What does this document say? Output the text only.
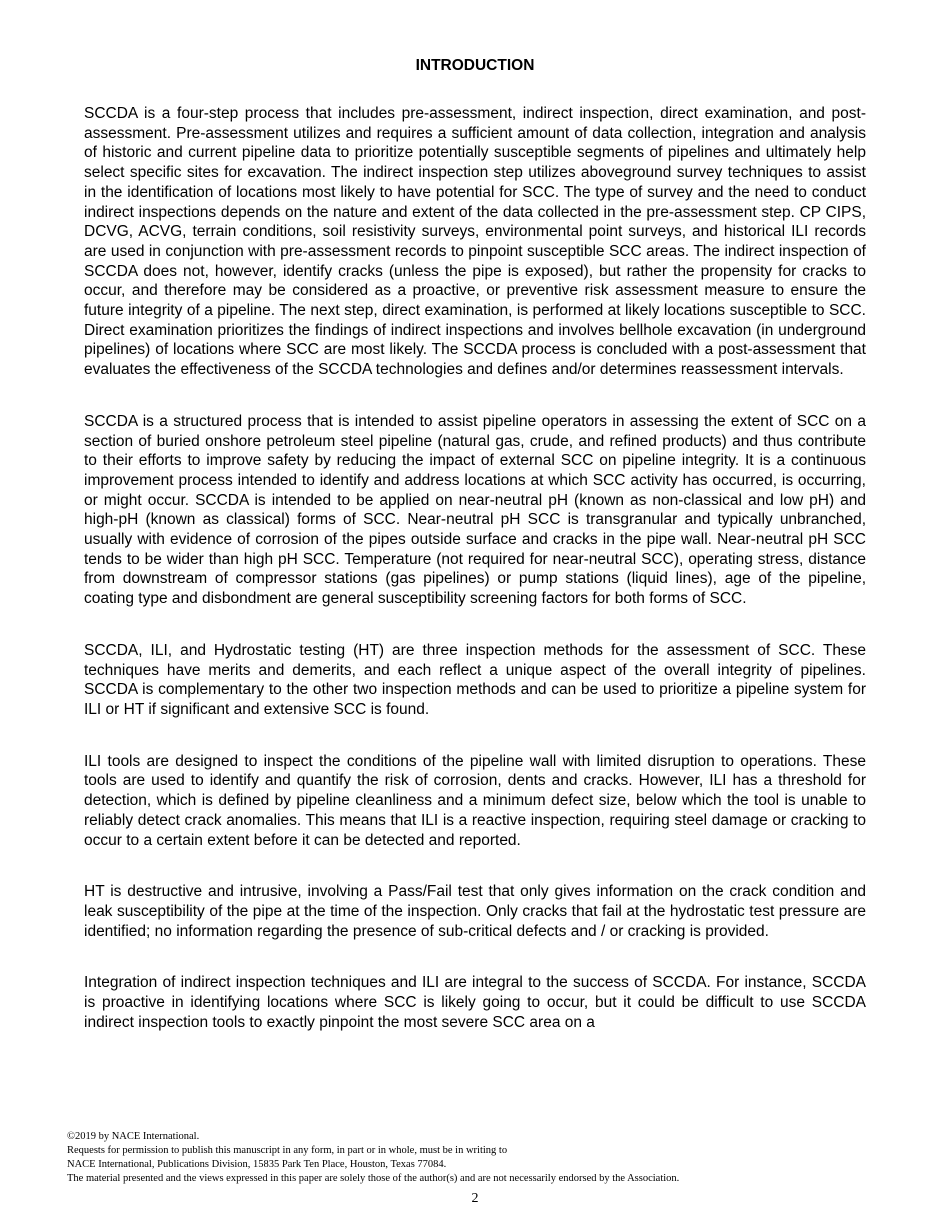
INTRODUCTION

SCCDA is a four-step process that includes pre-assessment, indirect inspection, direct examination, and post-assessment. Pre-assessment utilizes and requires a sufficient amount of data collection, integration and analysis of historic and current pipeline data to prioritize potentially susceptible segments of pipelines and ultimately help select specific sites for excavation. The indirect inspection step utilizes aboveground survey techniques to assist in the identification of locations most likely to have potential for SCC. The type of survey and the need to conduct indirect inspections depends on the nature and extent of the data collected in the pre-assessment step. CP CIPS, DCVG, ACVG, terrain conditions, soil resistivity surveys, environmental point surveys, and historical ILI records are used in conjunction with pre-assessment records to pinpoint susceptible SCC areas. The indirect inspection of SCCDA does not, however, identify cracks (unless the pipe is exposed), but rather the propensity for cracks to occur, and therefore may be considered as a proactive, or preventive risk assessment measure to ensure the future integrity of a pipeline. The next step, direct examination, is performed at likely locations susceptible to SCC. Direct examination prioritizes the findings of indirect inspections and involves bellhole excavation (in underground pipelines) of locations where SCC are most likely. The SCCDA process is concluded with a post-assessment that evaluates the effectiveness of the SCCDA technologies and defines and/or determines reassessment intervals.

SCCDA is a structured process that is intended to assist pipeline operators in assessing the extent of SCC on a section of buried onshore petroleum steel pipeline (natural gas, crude, and refined products) and thus contribute to their efforts to improve safety by reducing the impact of external SCC on pipeline integrity. It is a continuous improvement process intended to identify and address locations at which SCC activity has occurred, is occurring, or might occur. SCCDA is intended to be applied on near-neutral pH (known as non-classical and low pH) and high-pH (known as classical) forms of SCC. Near-neutral pH SCC is transgranular and typically unbranched, usually with evidence of corrosion of the pipes outside surface and cracks in the pipe wall. Near-neutral pH SCC tends to be wider than high pH SCC. Temperature (not required for near-neutral SCC), operating stress, distance from downstream of compressor stations (gas pipelines) or pump stations (liquid lines), age of the pipeline, coating type and disbondment are general susceptibility screening factors for both forms of SCC.

SCCDA, ILI, and Hydrostatic testing (HT) are three inspection methods for the assessment of SCC. These techniques have merits and demerits, and each reflect a unique aspect of the overall integrity of pipelines. SCCDA is complementary to the other two inspection methods and can be used to prioritize a pipeline system for ILI or HT if significant and extensive SCC is found.

ILI tools are designed to inspect the conditions of the pipeline wall with limited disruption to operations. These tools are used to identify and quantify the risk of corrosion, dents and cracks. However, ILI has a threshold for detection, which is defined by pipeline cleanliness and a minimum defect size, below which the tool is unable to reliably detect crack anomalies. This means that ILI is a reactive inspection, requiring steel damage or cracking to occur to a certain extent before it can be detected and reported.

HT is destructive and intrusive, involving a Pass/Fail test that only gives information on the crack condition and leak susceptibility of the pipe at the time of the inspection. Only cracks that fail at the hydrostatic test pressure are identified; no information regarding the presence of sub-critical defects and / or cracking is provided.

Integration of indirect inspection techniques and ILI are integral to the success of SCCDA. For instance, SCCDA is proactive in identifying locations where SCC is likely going to occur, but it could be difficult to use SCCDA indirect inspection tools to exactly pinpoint the most severe SCC area on a

©2019 by NACE International.
Requests for permission to publish this manuscript in any form, in part or in whole, must be in writing to
NACE International, Publications Division, 15835 Park Ten Place, Houston, Texas 77084.
The material presented and the views expressed in this paper are solely those of the author(s) and are not necessarily endorsed by the Association.
2
